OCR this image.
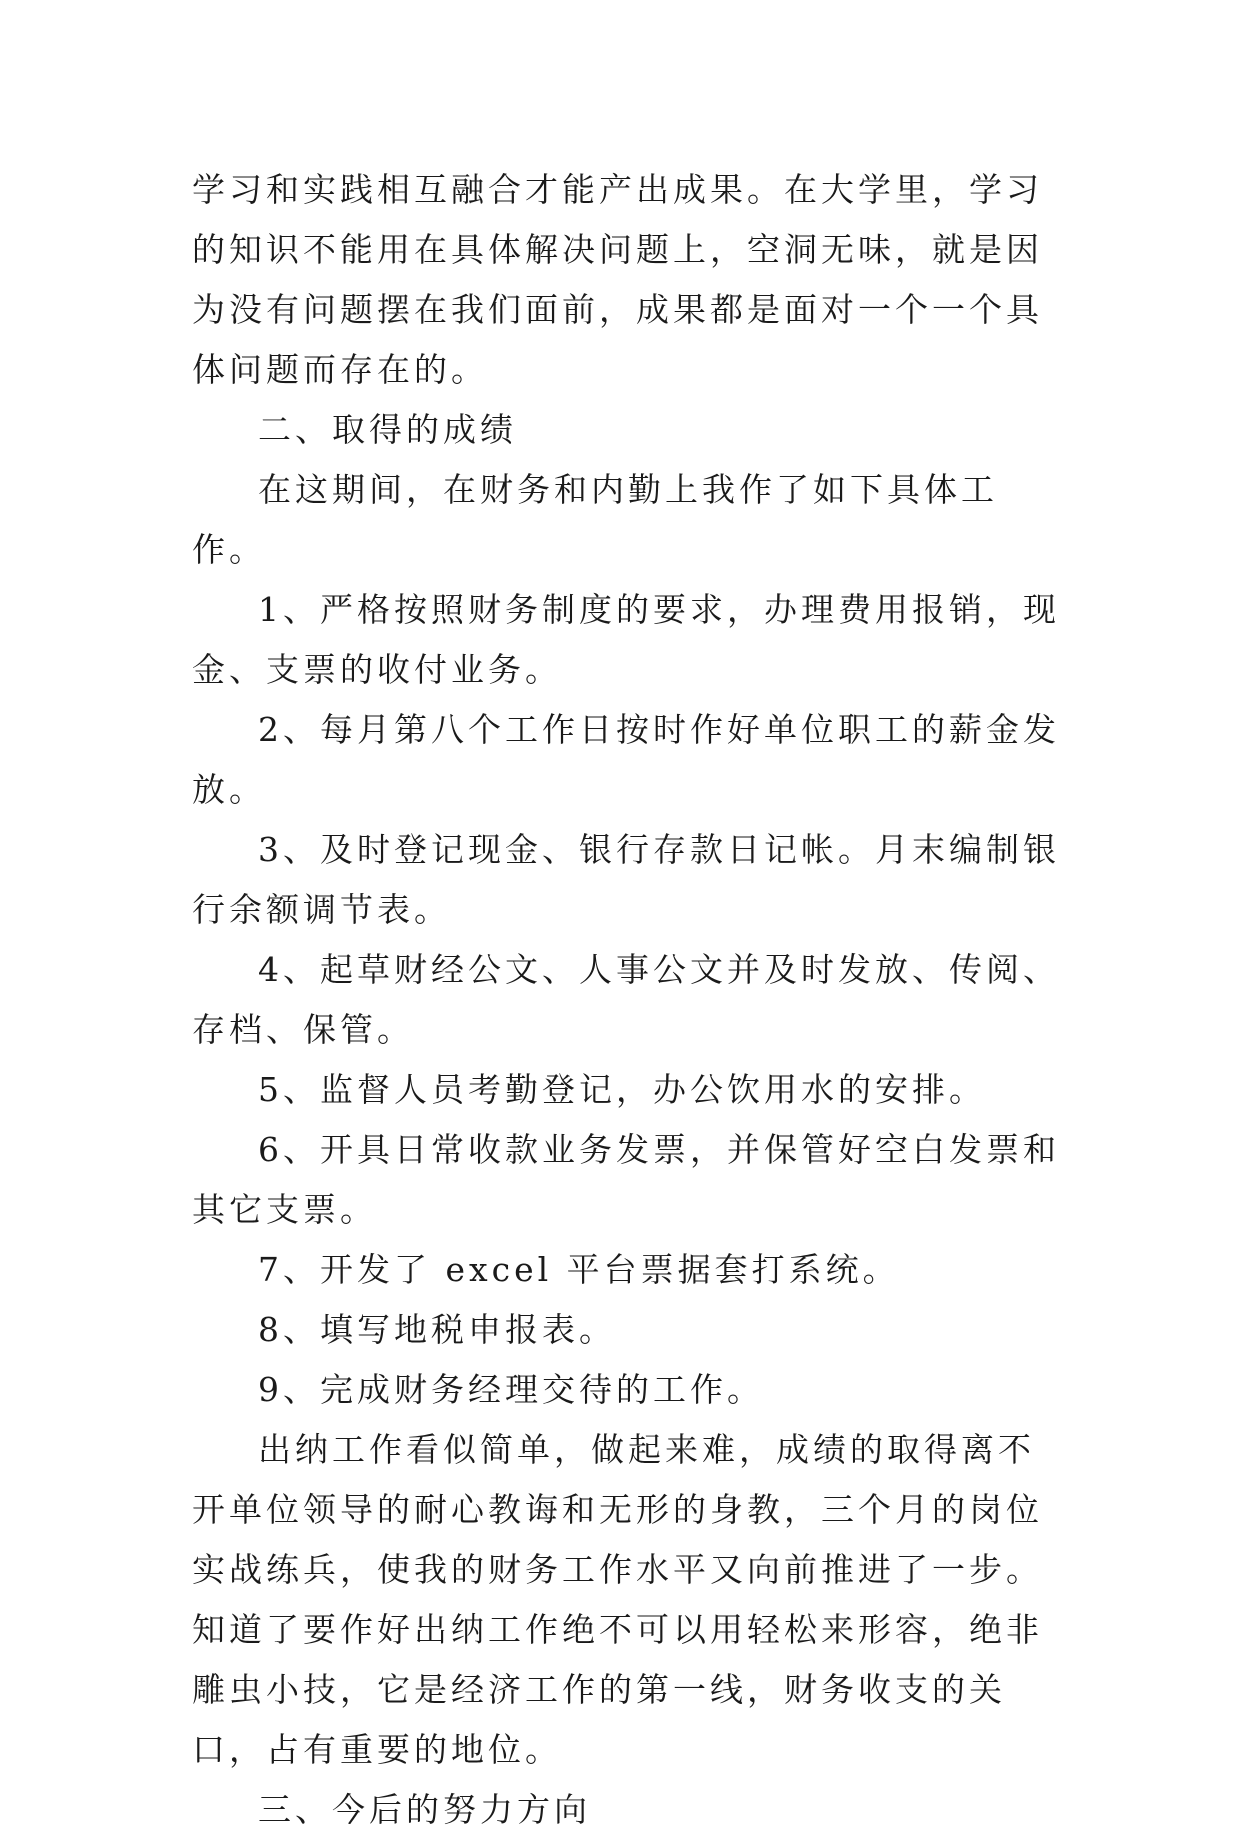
学习和实践相互融合才能产出成果。在大学里，学习的知识不能用在具体解决问题上，空洞无味，就是因为没有问题摆在我们面前，成果都是面对一个一个具体问题而存在的。

二、取得的成绩

在这期间，在财务和内勤上我作了如下具体工作。

1、严格按照财务制度的要求，办理费用报销，现金、支票的收付业务。

2、每月第八个工作日按时作好单位职工的薪金发放。

3、及时登记现金、银行存款日记帐。月末编制银行余额调节表。

4、起草财经公文、人事公文并及时发放、传阅、存档、保管。

5、监督人员考勤登记，办公饮用水的安排。

6、开具日常收款业务发票，并保管好空白发票和其它支票。

7、开发了 excel 平台票据套打系统。

8、填写地税申报表。

9、完成财务经理交待的工作。

出纳工作看似简单，做起来难，成绩的取得离不开单位领导的耐心教诲和无形的身教，三个月的岗位实战练兵，使我的财务工作水平又向前推进了一步。知道了要作好出纳工作绝不可以用轻松来形容，绝非雕虫小技，它是经济工作的第一线，财务收支的关口，占有重要的地位。

三、今后的努力方向
